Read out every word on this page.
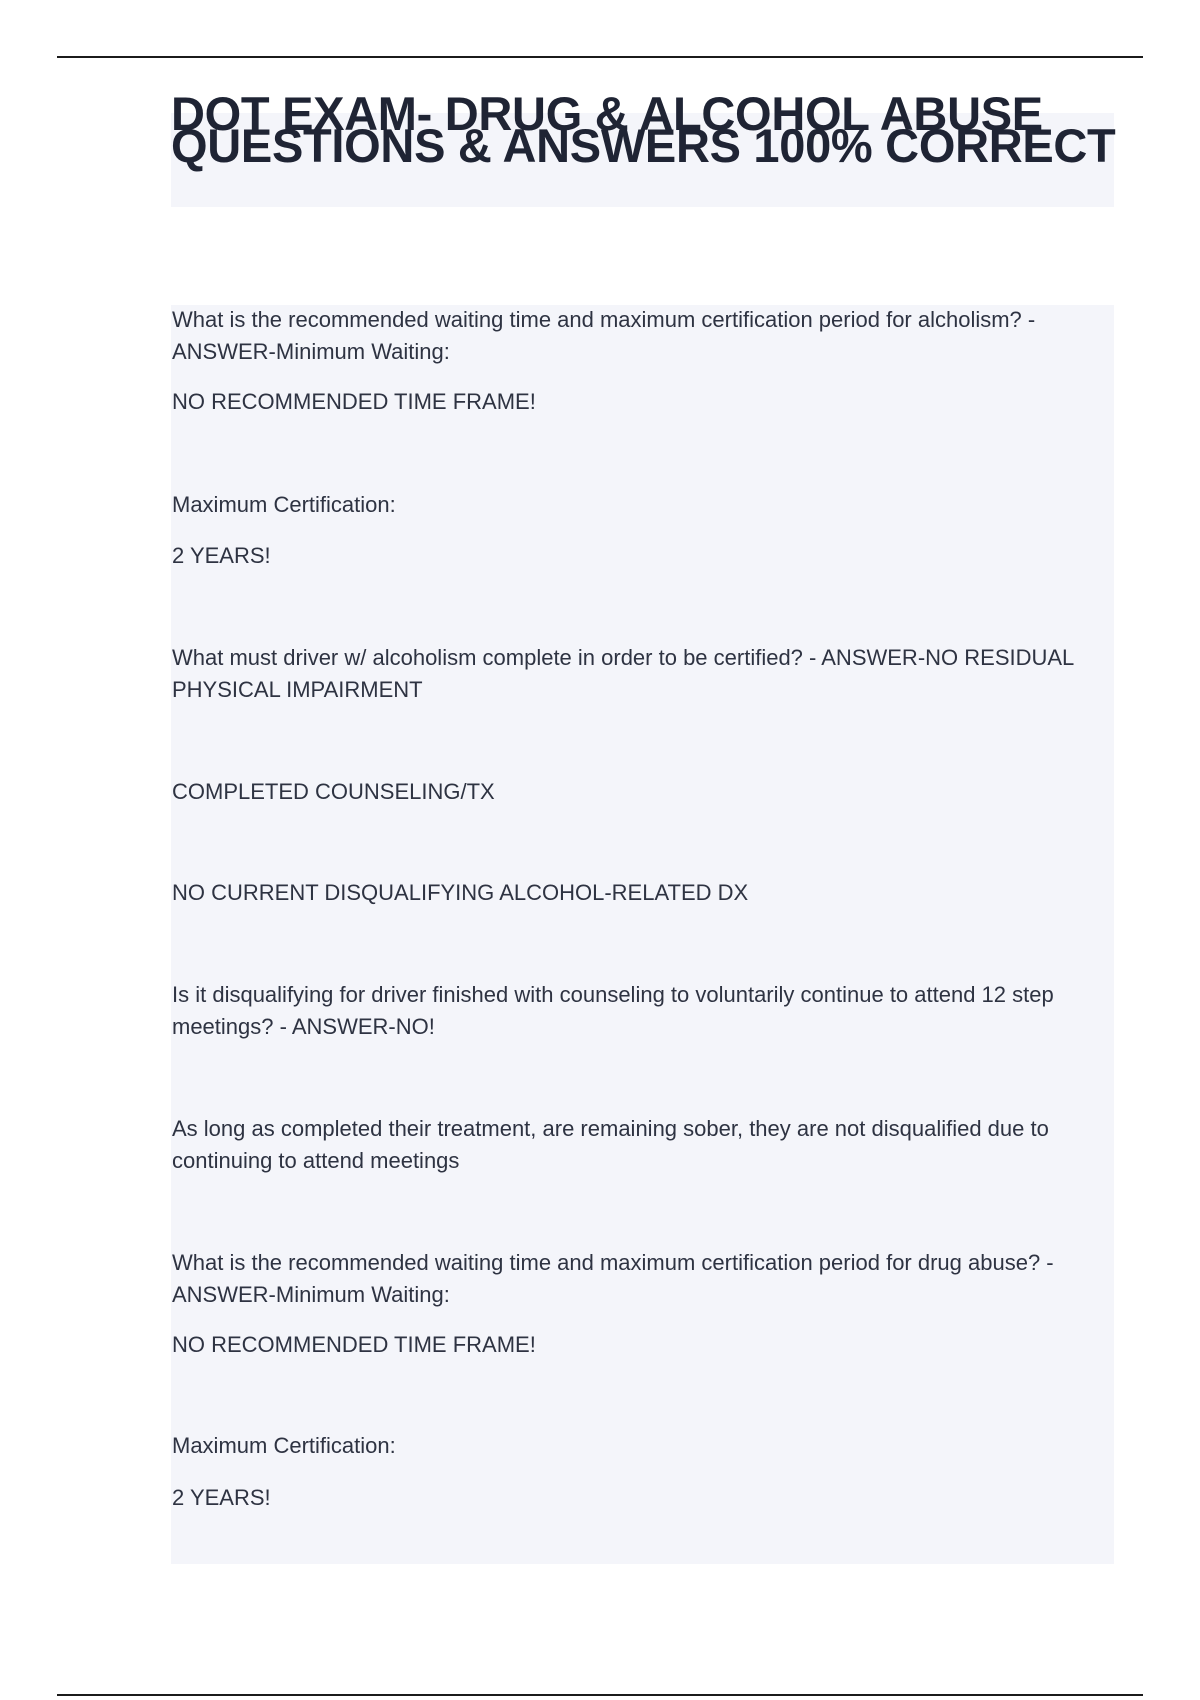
DOT EXAM- DRUG & ALCOHOL ABUSE QUESTIONS & ANSWERS 100% CORRECT

What is the recommended waiting time and maximum certification period for alcholism? - ANSWER-Minimum Waiting:

NO RECOMMENDED TIME FRAME!

Maximum Certification:

2 YEARS!

What must driver w/ alcoholism complete in order to be certified? - ANSWER-NO RESIDUAL PHYSICAL IMPAIRMENT

COMPLETED COUNSELING/TX

NO CURRENT DISQUALIFYING ALCOHOL-RELATED DX

Is it disqualifying for driver finished with counseling to voluntarily continue to attend 12 step meetings? - ANSWER-NO!

As long as completed their treatment, are remaining sober, they are not disqualified due to continuing to attend meetings

What is the recommended waiting time and maximum certification period for drug abuse? - ANSWER-Minimum Waiting:

NO RECOMMENDED TIME FRAME!

Maximum Certification:

2 YEARS!
